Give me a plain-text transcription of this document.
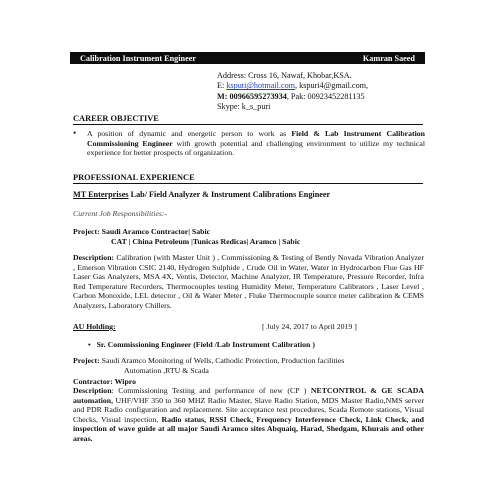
Calibration Instrument Engineer	Kamran Saeed
Address: Cross 16, Nawaf, Khobar,KSA.
E: ksputi@hotmail.com, kspuri4@gmail.com,
M: 00966595273934, Pak: 00923452281135
Skype: k_s_puri
CAREER OBJECTIVE
•	A position of dynamic and energetic person to work as Field & Lab Instrument Calibration Commissioning Engineer with growth potential and challenging environment to utilize my technical experience for better prospects of organization.
PROFESSIONAL EXPERIENCE
MT Enterprises Lab/ Field Analyzer & Instrument Calibrations Engineer
Current Job Responsibilities:-
Project: Saudi Aramco Contractor| Sabic
CAT | China Petroleum |Tunicas Redicas| Aramco | Sabic
Description: Calibration (with Master Unit ) , Commissioning & Testing of Bently Novada Vibration Analyzer , Emerson Vibration CSIC 2140, Hydrogen Sulphide , Crude Oil in Water, Water in Hydrocarbon Flue Gas HF Laser Gas Analyzers, MSA 4X, Ventis, Detector, Machine Analyzer, IR Temperature, Pressure Recorder, Infra Red Temperature Recorders, Thermocouples testing Humidity Meter, Temperature Calibrators , Laser Level , Carbon Monoxide, LEL detector , Oil & Water Meter , Fluke Thermocouple source meter calibration & CEMS Analyzers, Laboratory Chillers.
AU Holding:	[ July 24, 2017 to April 2019 ]
• Sr. Commissioning Engineer (Field /Lab Instrument Calibration )
Project: Saudi Aramco Monitoring of Wells, Cathodic Protection, Production facilities
Automation ,RTU & Scada
Contractor: Wipro
Description: Commissioning Testing and performance of new (CP ) NETCONTROL & GE SCADA automation, UHF/VHF 350 to 360 MHZ Radio Master, Slave Radio Station, MDS Master Radio,NMS server and PDR Radio configuration and replacement. Site acceptance test procedures, Scada Remote stations, Visual Checks, Visual inspection, Radio status, RSSI Check, Frequency Interference Check, Link Check, and inspection of wave guide at all major Saudi Aramco sites Abquaiq, Harad, Shedgam, Khurais and other areas.
